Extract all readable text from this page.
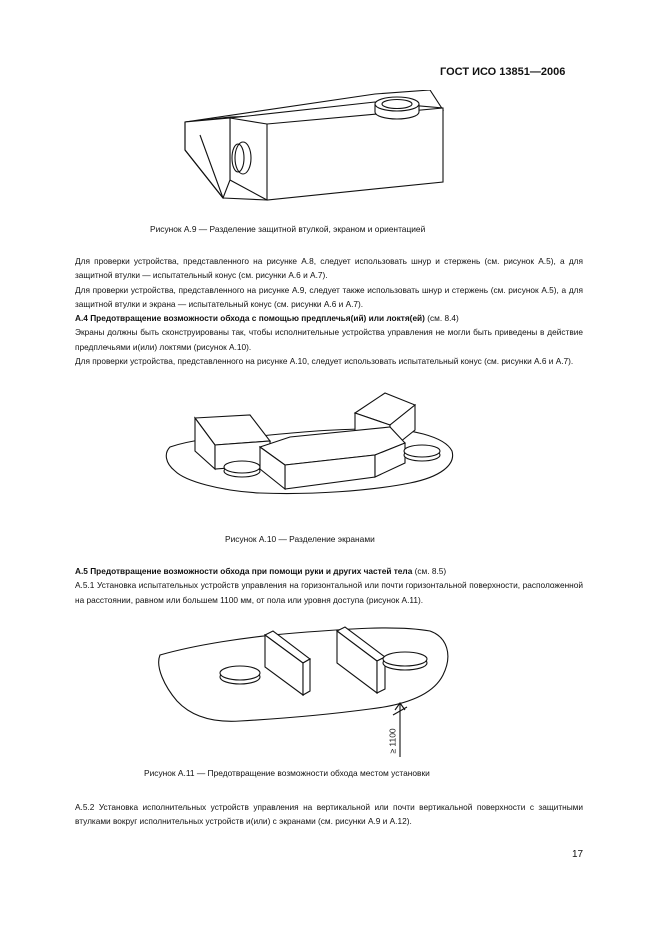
ГОСТ ИСО 13851—2006
Рисунок А.9 — Разделение защитной втулкой, экраном и ориентацией

Для проверки устройства, представленного на рисунке А.8, следует использовать шнур и стержень (см. рисунок А.5), а для защитной втулки — испытательный конус (см. рисунки А.6 и А.7).

Для проверки устройства, представленного на рисунке А.9, следует также использовать шнур и стержень (см. рисунок А.5), а для защитной втулки и экрана — испытательный конус (см. рисунки А.6 и А.7).

А.4 Предотвращение возможности обхода с помощью предплечья(ий) или локтя(ей) (см. 8.4)

Экраны должны быть сконструированы так, чтобы исполнительные устройства управления не могли быть приведены в действие предплечьями и(или) локтями (рисунок А.10).

Для проверки устройства, представленного на рисунке А.10, следует использовать испытательный конус (см. рисунки А.6 и А.7).

Рисунок А.10 — Разделение экранами

А.5 Предотвращение возможности обхода при помощи руки и других частей тела (см. 8.5)

А.5.1 Установка испытательных устройств управления на горизонтальной или почти горизонтальной поверхности, расположенной на расстоянии, равном или большем 1100 мм, от пола или уровня доступа (рисунок А.11).

≥ 1100
Рисунок А.11 — Предотвращение возможности обхода местом установки

А.5.2 Установка исполнительных устройств управления на вертикальной или почти вертикальной поверхности с защитными втулками вокруг исполнительных устройств и(или) с экранами (см. рисунки А.9 и А.12).

17
